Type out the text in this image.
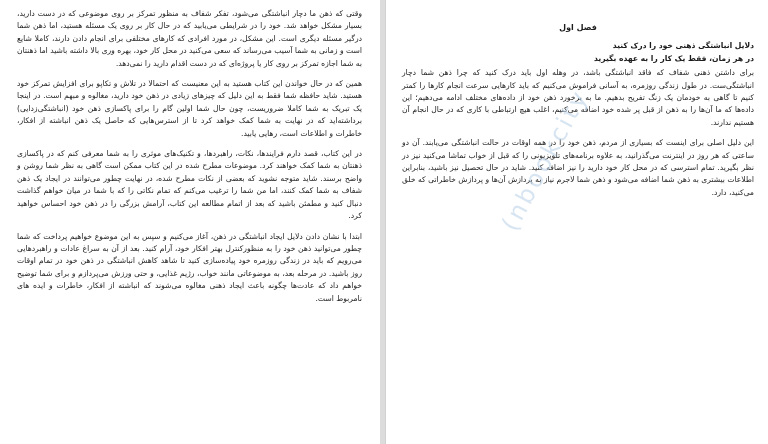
وقتی که ذهن ما دچار انباشتگی می‌شود، تفکر شفاف به منظور تمرکز بر روی موضوعی که در دست دارید، بسیار مشکل خواهد شد. خود را در شرایطی می‌یابید که در حال کار بر روی یک مسئله هستید، اما ذهن شما درگیر مسئله دیگری است. این مشکل، در مورد افرادی که کارهای مختلفی برای انجام دادن دارند، کاملا شایع است و زمانی به شما آسیب می‌رساند که سعی می‌کنید در محل کار خود، بهره وری بالا داشته باشید اما ذهنتان به شما اجازه تمرکز بر روی کار یا پروژه‌ای که در دست اقدام دارید را نمی‌دهد.

همین که در حال خواندن این کتاب هستید به این معنیست که احتمالا در تلاش و تکاپو برای افزایش تمرکز خود هستید. شاید حافظه شما فقط به این دلیل که چیزهای زیادی در ذهن خود دارید، مغالوه و مبهم است. در اینجا یک تبریک به شما کاملا ضروریست، چون حال شما اولین گام را برای پاکسازی ذهن خود (انباشتگی‌زدایی) برداشته‌اید که در نهایت به شما کمک خواهد کرد تا از استرس‌هایی که حاصل یک ذهن انباشته از افکار، خاطرات و اطلاعات است، رهایی یابید.

در این کتاب، قصد دارم فرایندها، نکات، راهبردها، و تکنیک‌های موثری را به شما معرفی کنم که در پاکسازی ذهنتان به شما کمک خواهند کرد. موضوعات مطرح شده در این کتاب ممکن است گاهی به نظر شما روشن و واضح برسند. شاید متوجه نشوید که بعضی از نکات مطرح شده، در نهایت چطور می‌توانند در ایجاد یک ذهن شفاف به شما کمک کنند، اما من شما را ترغیب می‌کنم که تمام نکاتی را که با شما در میان خواهم گذاشت دنبال کنید و مطمئن باشید که بعد از اتمام مطالعه این کتاب، آرامش بزرگی را در ذهن خود احساس خواهید کرد.

ابتدا با نشان دادن دلایل ایجاد انباشتگی در ذهن، آغاز می‌کنیم و سپس به این موضوع خواهیم پرداخت که شما چطور می‌توانید ذهن خود را به منظورکنترل بهتر افکار خود، آرام کنید. بعد از آن به سراغ عادات و راهبردهایی می‌رویم که باید در زندگی روزمره خود پیاده‌سازی کنید تا شاهد کاهش انباشتگی در ذهن خود در تمام اوقات روز باشید. در مرحله بعد، به موضوعاتی مانند خواب، رژیم غذایی، و حتی ورزش می‌پردازم و برای شما توضیح خواهم داد که عادت‌ها چگونه باعث ایجاد ذهنی مغالوه می‌شوند که انباشته از افکار، خاطرات و ایده‌ های نامربوط است.

فصل اول
دلایل انباشتگی ذهنی خود را درک کنید
در هر زمان، فقط یک کار را به عهده بگیرید

برای داشتن ذهنی شفاف که فاقد انباشتگی باشد، در وهله اول باید درک کنید که چرا ذهن شما دچار انباشتگی‌ست. در طول زندگی روزمره، به آسانی فراموش می‌کنیم که باید کارهایی سرعت انجام کارها را کمتر کنیم تا گاهی به خودمان یک زنگ تفریح بدهیم. ما به برخورد ذهن خود از داده‌های مختلف ادامه می‌دهیم؛ این داده‌ها که ما آن‌ها را به ذهن از قبل پر شده خود اضافه می‌کنیم، اغلب هیچ ارتباطی با کاری که در حال انجام آن هستیم ندارند.

این دلیل اصلی برای اینست که بسیاری از مردم، ذهن خود را در همه اوقات در حالت انباشتگی می‌یابند. آن دو ساعتی که هر روز در اینترنت می‌گذرانید، به علاوه برنامه‌های تلویزیونی را که قبل از خواب تماشا می‌کنید نیز در نظر بگیرید. تمام استرسی که در محل کار خود دارید را نیز اضافه کنید. شاید در حال تحصیل نیز باشید، بنابراین اطلاعات بیشتری به ذهن شما اضافه می‌شود و ذهن شما لاجرم نیاز به پردازش آن‌ها و پردازش خاطراتی که خلق می‌کنید، دارد.

(nbookcity
